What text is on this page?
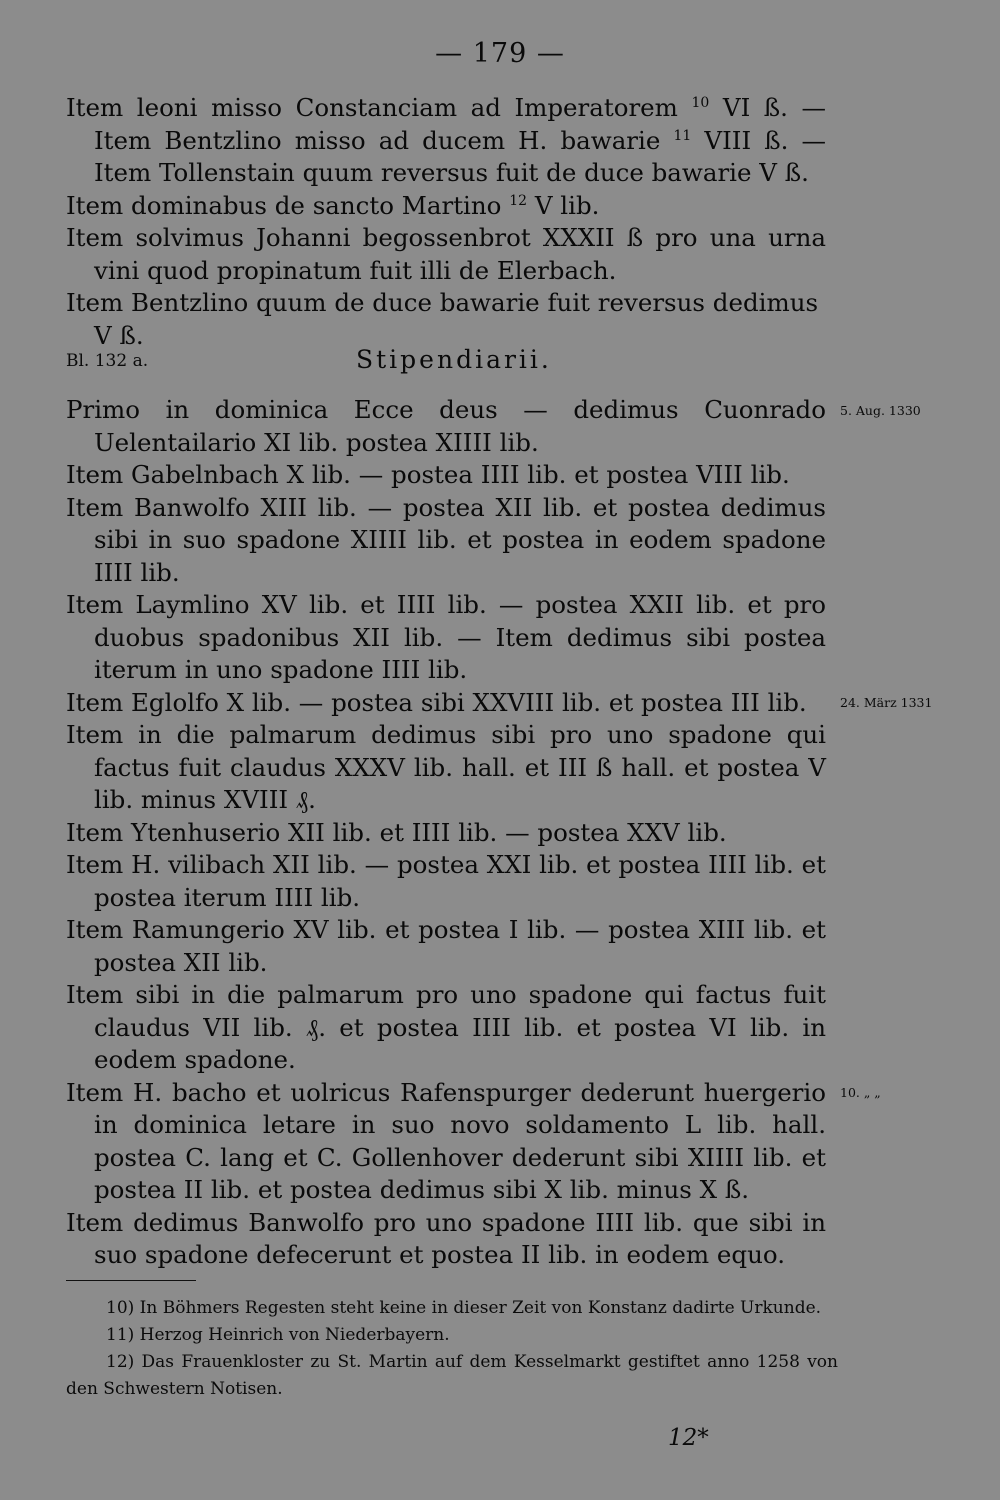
— 179 —
Item leoni misso Constanciam ad Imperatorem $^{10}$ VI ß. — Item Bentzlino misso ad ducem H. bawarie $^{11}$ VIII ß. — Item Tollenstain quum reversus fuit de duce bawarie V ß.
Item dominabus de sancto Martino $^{12}$ V lib.
Item solvimus Johanni begossenbrot XXXII ß pro una urna vini quod propinatum fuit illi de Elerbach.
Item Bentzlino quum de duce bawarie fuit reversus dedimus V ß.
Bl. 132 a.	Stipendiarii.
Primo in dominica Ecce deus — dedimus Cuonrado Uelentailario XI lib. postea XIIII lib.
Item Gabelnbach X lib. — postea IIII lib. et postea VIII lib.
Item Banwolfo XIII lib. — postea XII lib. et postea dedimus sibi in suo spadone XIIII lib. et postea in eodem spadone IIII lib.
Item Laymlino XV lib. et IIII lib. — postea XXII lib. et pro duobus spadonibus XII lib. — Item dedimus sibi postea iterum in uno spadone IIII lib.
Item Eglolfo X lib. — postea sibi XXVIII lib. et postea III lib.
Item in die palmarum dedimus sibi pro uno spadone qui factus fuit claudus XXXV lib. hall. et III ß hall. et postea V lib. minus XVIII ₰.
Item Ytenhuserio XII lib. et IIII lib. — postea XXV lib.
Item H. vilibach XII lib. — postea XXI lib. et postea IIII lib. et postea iterum IIII lib.
Item Ramungerio XV lib. et postea I lib. — postea XIII lib. et postea XII lib.
Item sibi in die palmarum pro uno spadone qui factus fuit claudus VII lib. ₰. et postea IIII lib. et postea VI lib. in eodem spadone.
Item H. bacho et uolricus Rafenspurger dederunt huergerio in dominica letare in suo novo soldamento L lib. hall. postea C. lang et C. Gollenhover dederunt sibi XIIII lib. et postea II lib. et postea dedimus sibi X lib. minus X ß.
Item dedimus Banwolfo pro uno spadone IIII lib. que sibi in suo spadone defecerunt et postea II lib. in eodem equo.
5. Aug. 1330
24. März 1331
10. „ „
10) In Böhmers Regesten steht keine in dieser Zeit von Konstanz dadirte Urkunde.
11) Herzog Heinrich von Niederbayern.
12) Das Frauenkloster zu St. Martin auf dem Kesselmarkt gestiftet anno 1258 von den Schwestern Notisen.
12*
